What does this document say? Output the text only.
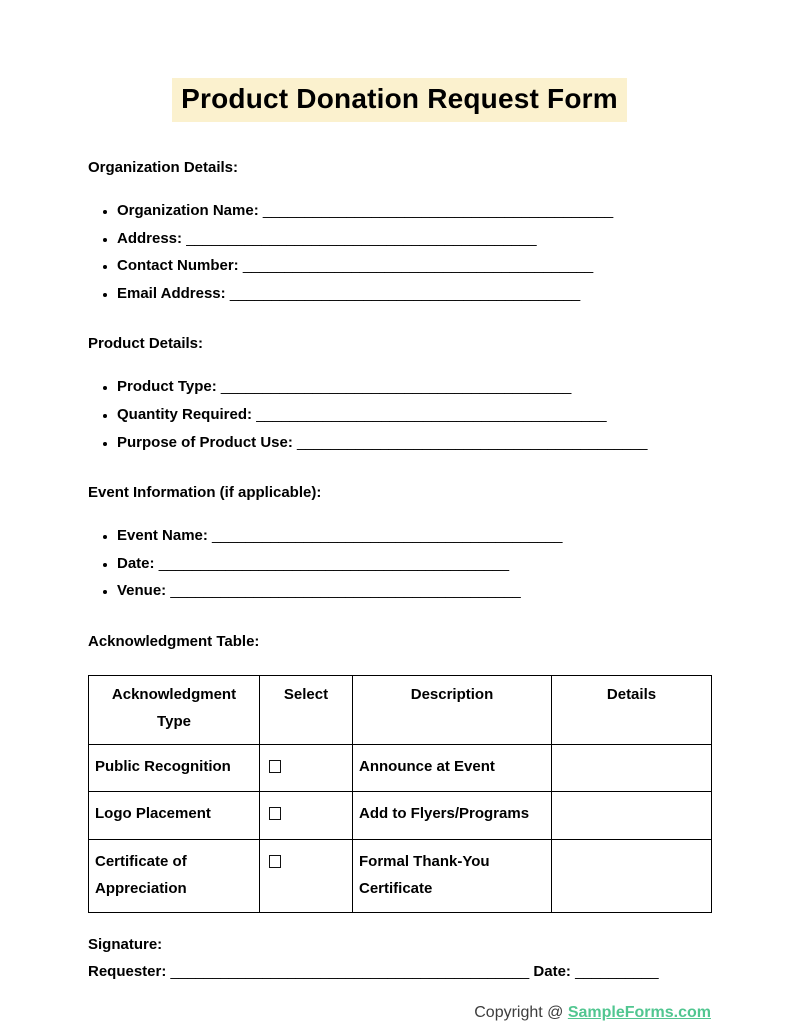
Product Donation Request Form
Organization Details:
• Organization Name: __________________________________________
• Address: __________________________________________
• Contact Number: __________________________________________
• Email Address: __________________________________________
Product Details:
• Product Type: __________________________________________
• Quantity Required: __________________________________________
• Purpose of Product Use: __________________________________________
Event Information (if applicable):
• Event Name: __________________________________________
• Date: __________________________________________
• Venue: __________________________________________
Acknowledgment Table:
Acknowledgment Type	Select	Description	Details
Public Recognition		Announce at Event	
Logo Placement		Add to Flyers/Programs	
Certificate of Appreciation		Formal Thank-You Certificate	
Signature:
Requester: ___________________________________________ Date: __________
Copyright @ SampleForms.com
